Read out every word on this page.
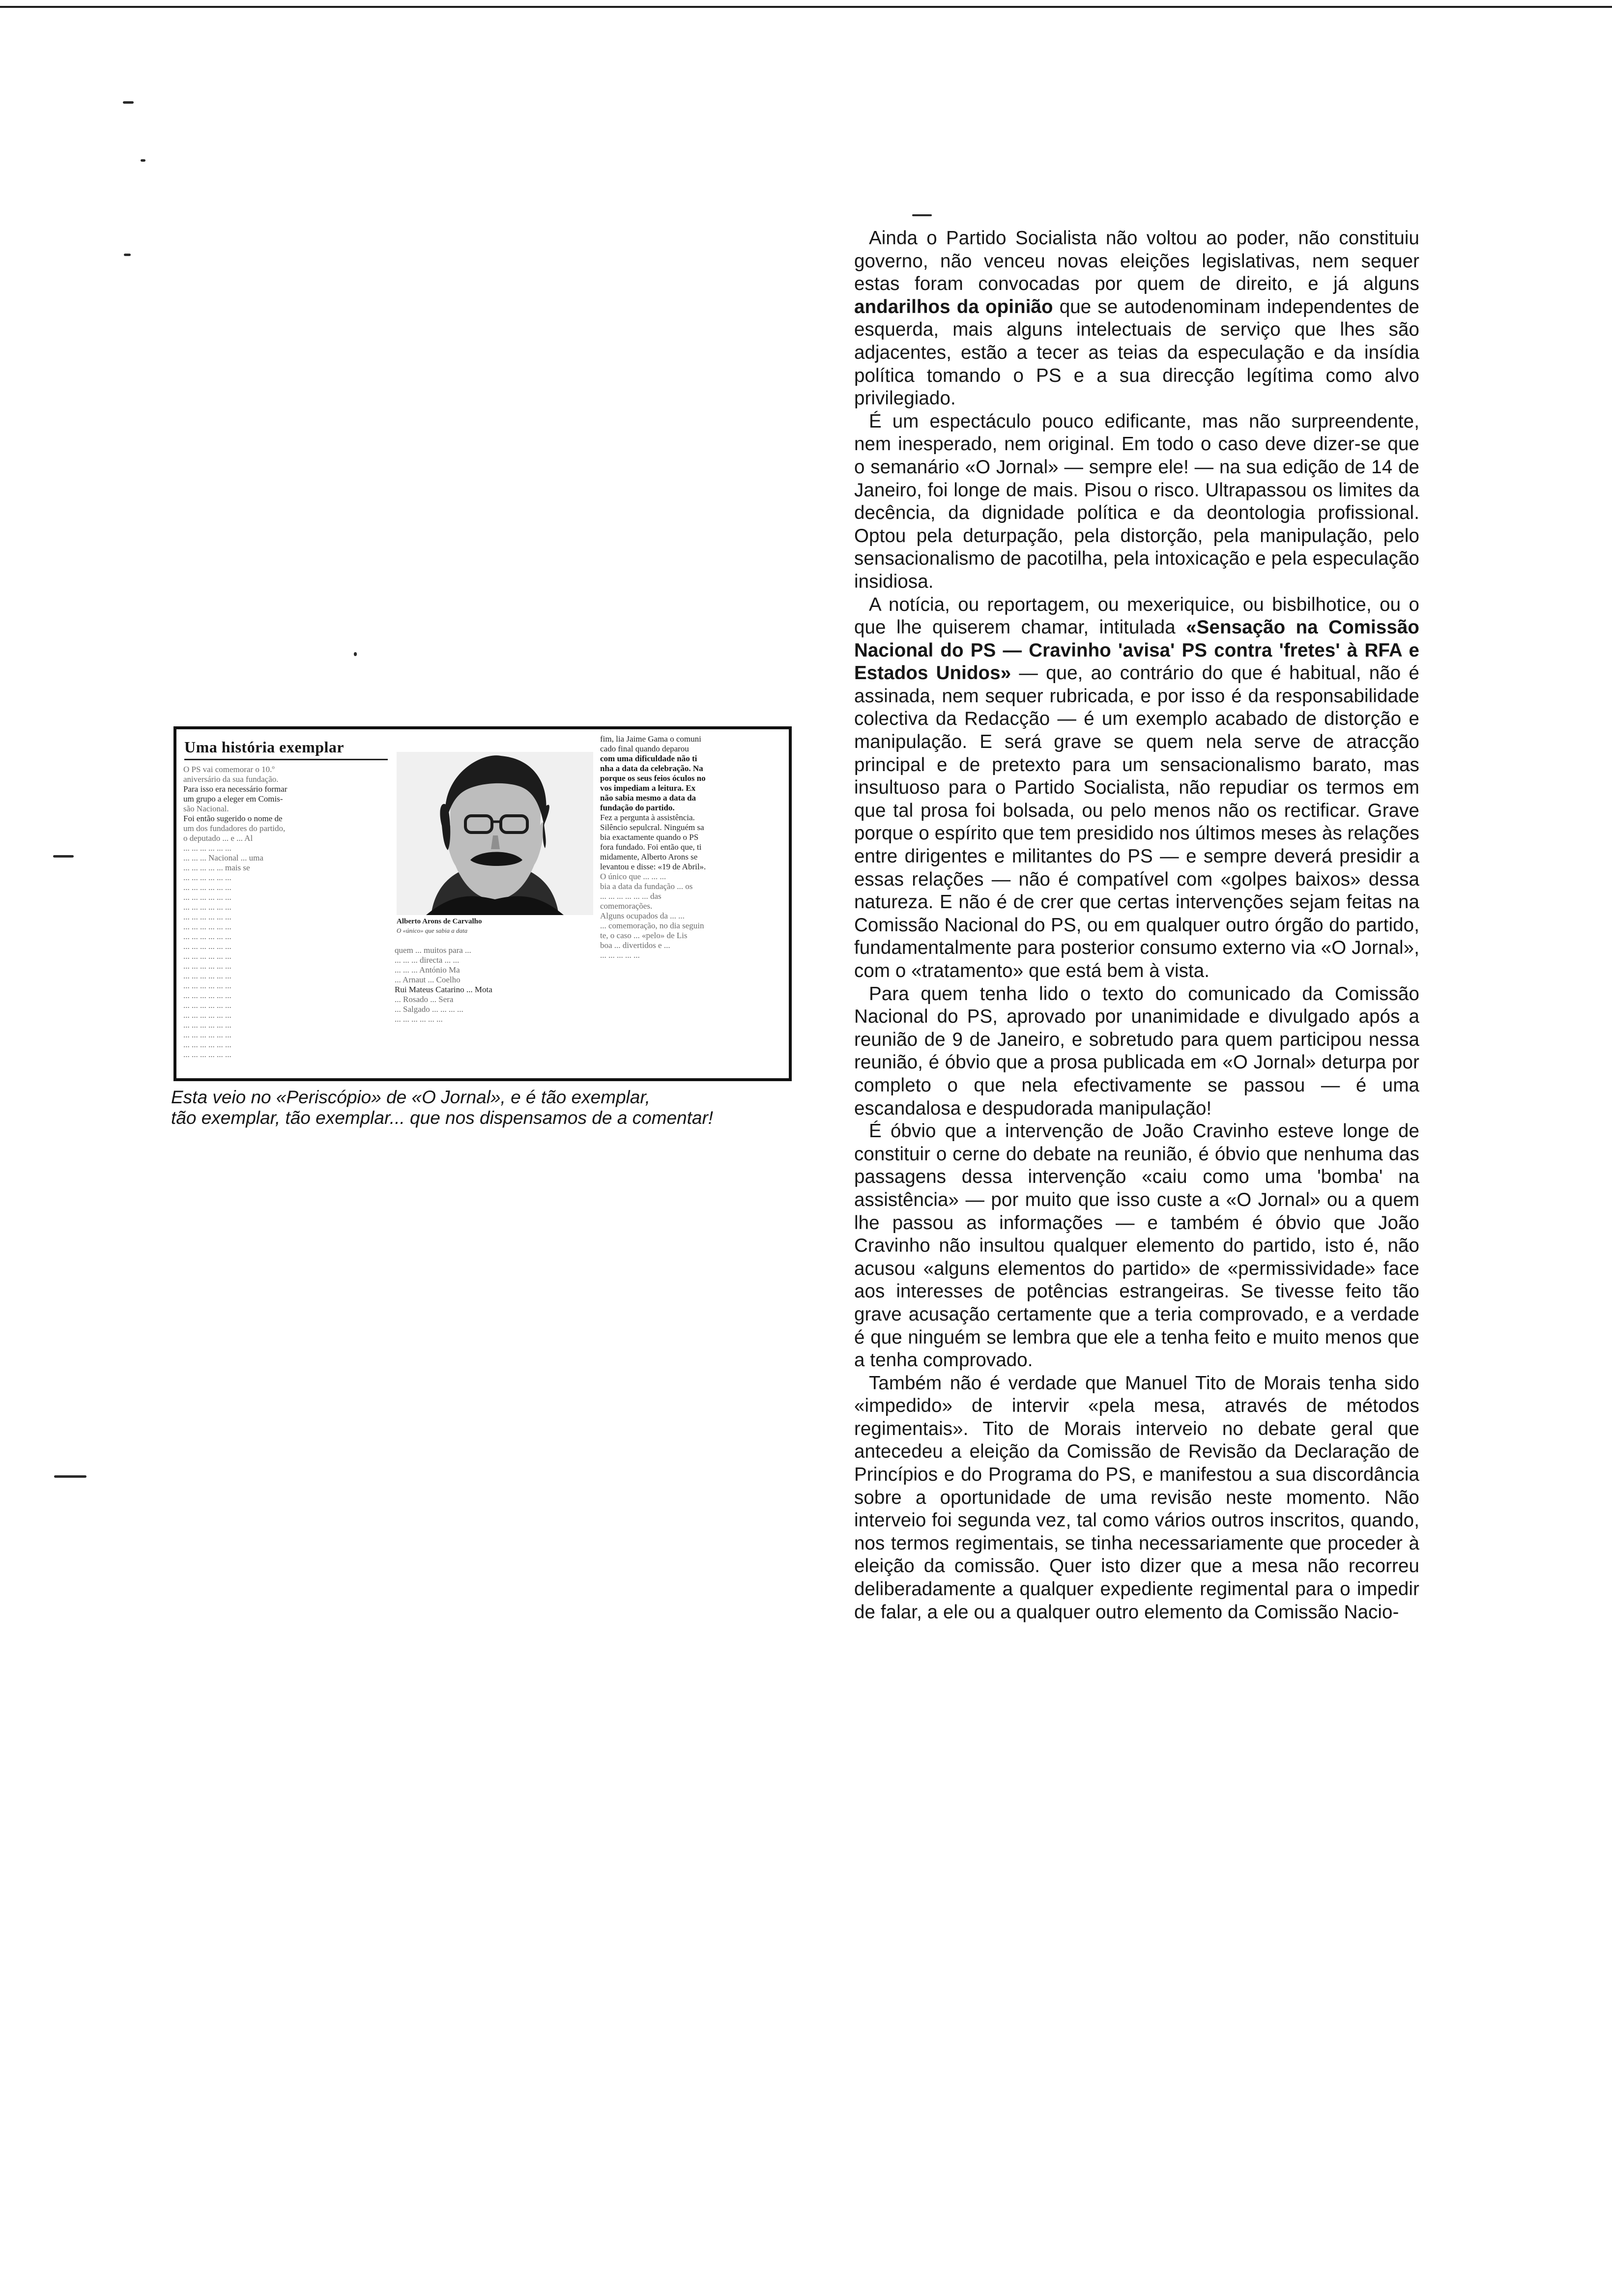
Ainda o Partido Socialista não voltou ao poder, não constituiu governo, não venceu novas eleições legislativas, nem sequer estas foram convocadas por quem de direito, e já alguns andarilhos da opinião que se autodenominam independentes de esquerda, mais alguns intelectuais de serviço que lhes são adjacentes, estão a tecer as teias da especulação e da insídia política tomando o PS e a sua direcção legítima como alvo privilegiado.

É um espectáculo pouco edificante, mas não surpreendente, nem inesperado, nem original. Em todo o caso deve dizer-se que o semanário «O Jornal» — sempre ele! — na sua edição de 14 de Janeiro, foi longe de mais. Pisou o risco. Ultrapassou os limites da decência, da dignidade política e da deontologia profissional. Optou pela deturpação, pela distorção, pela manipulação, pelo sensacionalismo de pacotilha, pela intoxicação e pela especulação insidiosa.

A notícia, ou reportagem, ou mexeriquice, ou bisbilhotice, ou o que lhe quiserem chamar, intitulada «Sensação na Comissão Nacional do PS — Cravinho 'avisa' PS contra 'fretes' à RFA e Estados Unidos» — que, ao contrário do que é habitual, não é assinada, nem sequer rubricada, e por isso é da responsabilidade colectiva da Redacção — é um exemplo acabado de distorção e manipulação. E será grave se quem nela serve de atracção principal e de pretexto para um sensacionalismo barato, mas insultuoso para o Partido Socialista, não repudiar os termos em que tal prosa foi bolsada, ou pelo menos não os rectificar. Grave porque o espírito que tem presidido nos últimos meses às relações entre dirigentes e militantes do PS — e sempre deverá presidir a essas relações — não é compatível com «golpes baixos» dessa natureza. E não é de crer que certas intervenções sejam feitas na Comissão Nacional do PS, ou em qualquer outro órgão do partido, fundamentalmente para posterior consumo externo via «O Jornal», com o «tratamento» que está bem à vista.

Para quem tenha lido o texto do comunicado da Comissão Nacional do PS, aprovado por unanimidade e divulgado após a reunião de 9 de Janeiro, e sobretudo para quem participou nessa reunião, é óbvio que a prosa publicada em «O Jornal» deturpa por completo o que nela efectivamente se passou — é uma escandalosa e despudorada manipulação!

É óbvio que a intervenção de João Cravinho esteve longe de constituir o cerne do debate na reunião, é óbvio que nenhuma das passagens dessa intervenção «caiu como uma 'bomba' na assistência» — por muito que isso custe a «O Jornal» ou a quem lhe passou as informações — e também é óbvio que João Cravinho não insultou qualquer elemento do partido, isto é, não acusou «alguns elementos do partido» de «permissividade» face aos interesses de potências estrangeiras. Se tivesse feito tão grave acusação certamente que a teria comprovado, e a verdade é que ninguém se lembra que ele a tenha feito e muito menos que a tenha comprovado.

Também não é verdade que Manuel Tito de Morais tenha sido «impedido» de intervir «pela mesa, através de métodos regimentais». Tito de Morais interveio no debate geral que antecedeu a eleição da Comissão de Revisão da Declaração de Princípios e do Programa do PS, e manifestou a sua discordância sobre a oportunidade de uma revisão neste momento. Não interveio foi segunda vez, tal como vários outros inscritos, quando, nos termos regimentais, se tinha necessariamente que proceder à eleição da comissão. Quer isto dizer que a mesa não recorreu deliberadamente a qualquer expediente regimental para o impedir de falar, a ele ou a qualquer outro elemento da Comissão Nacio-

Uma história exemplar
O PS vai comemorar o 10.º
aniversário da sua fundação.
Para isso era necessário formar
um grupo a eleger em Comis-
são Nacional.
Foi então sugerido o nome de
um dos fundadores do partido,
o deputado ... e ... Al
... ... ... ... ... ...
... ... ... Nacional ... uma
... ... ... ... ... mais se
... ... ... ... ... ...
... ... ... ... ... ...
... ... ... ... ... ...
... ... ... ... ... ...
... ... ... ... ... ...
... ... ... ... ... ...
... ... ... ... ... ...
... ... ... ... ... ...
... ... ... ... ... ...
... ... ... ... ... ...
... ... ... ... ... ...
... ... ... ... ... ...
... ... ... ... ... ...
... ... ... ... ... ...
... ... ... ... ... ...
... ... ... ... ... ...
... ... ... ... ... ...
... ... ... ... ... ...
... ... ... ... ... ...
Alberto Arons de Carvalho
O «único» que sabia a data
quem ... muitos para ...
... ... ... directa ... ...
... ... ... António Ma
... Arnaut ... Coelho
Rui Mateus Catarino ... Mota
... Rosado ... Sera
... Salgado ... ... ... ...
... ... ... ... ... ...
fim, lia Jaime Gama o comuni
cado final quando deparou
com uma dificuldade não ti
nha a data da celebração. Na
porque os seus feios óculos no
vos impediam a leitura. Ex
não sabia mesmo a data da
fundação do partido.
Fez a pergunta à assistência.
Silêncio sepulcral. Ninguém sa
bia exactamente quando o PS
fora fundado. Foi então que, ti
midamente, Alberto Arons se
levantou e disse: «19 de Abril».
O único que ... ... ...
bia a data da fundação ... os
... ... ... ... ... ... das
comemorações.
Alguns ocupados da ... ...
... comemoração, no dia seguin
te, o caso ... «pelo» de Lis
boa ... divertidos e ...
... ... ... ... ...
Esta veio no «Periscópio» de «O Jornal», e é tão exemplar,
tão exemplar, tão exemplar... que nos dispensamos de a comentar!
